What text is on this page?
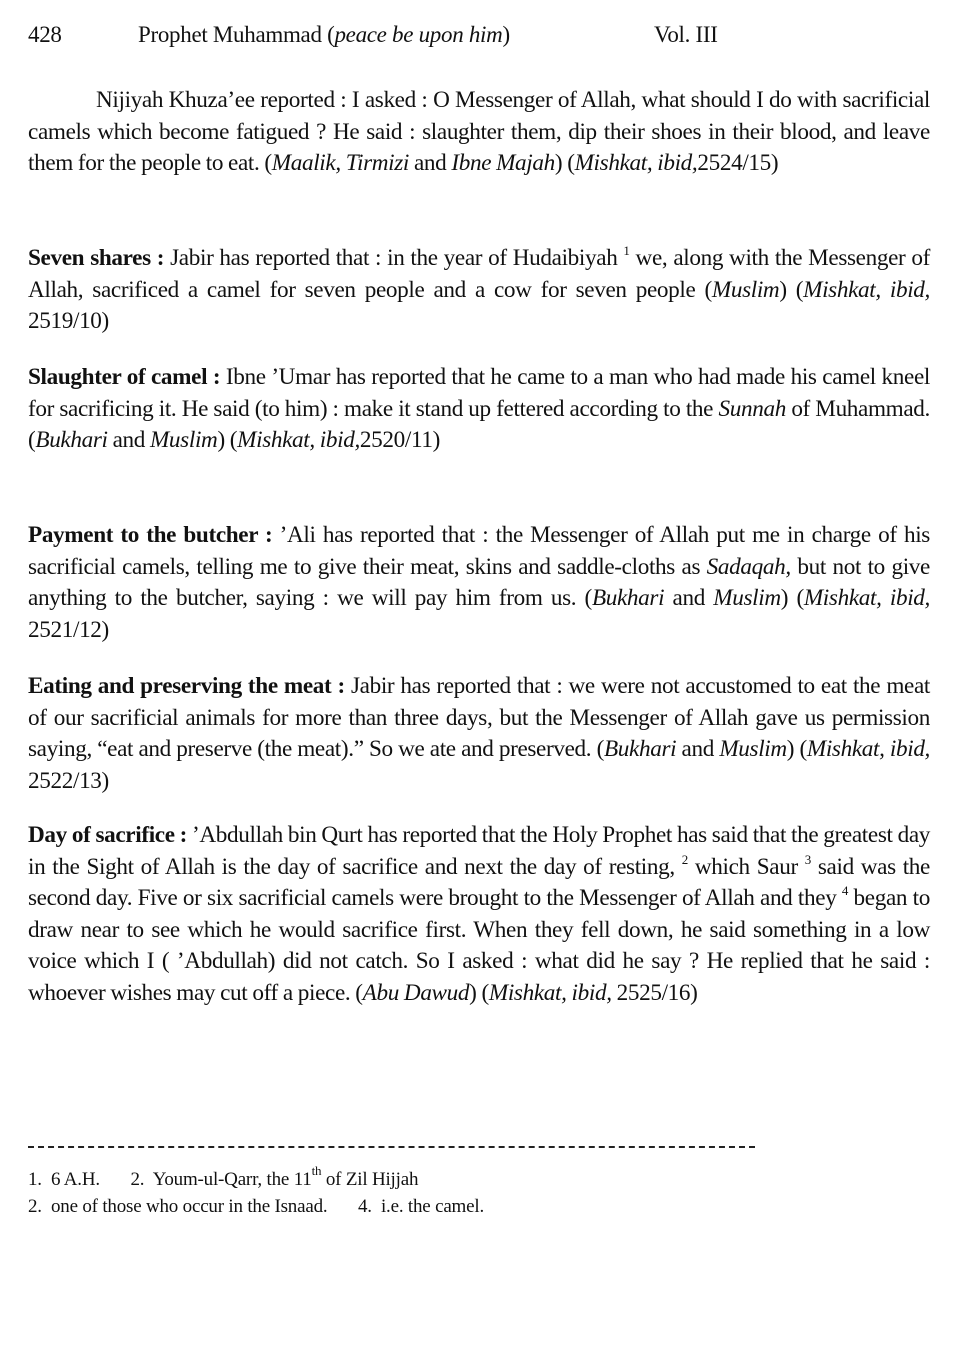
428	Prophet Muhammad (peace be upon him)	Vol. III

Nijiyah Khuza’ee reported : I asked : O Messenger of Allah, what should I do with sacrificial camels which become fatigued ? He said : slaughter them, dip their shoes in their blood, and leave them for the people to eat. (Maalik, Tirmizi and Ibne Majah) (Mishkat, ibid,2524/15)

Seven shares : Jabir has reported that : in the year of Hudaibiyah $^1$ we, along with the Messenger of Allah, sacrificed a camel for seven people and a cow for seven people (Muslim) (Mishkat, ibid, 2519/10)

Slaughter of camel : Ibne ’Umar has reported that he came to a man who had made his camel kneel for sacrificing it. He said (to him) : make it stand up fettered according to the Sunnah of Muhammad. (Bukhari and Muslim) (Mishkat, ibid,2520/11)

Payment to the butcher : ’Ali has reported that : the Messenger of Allah put me in charge of his sacrificial camels, telling me to give their meat, skins and saddle-cloths as Sadaqah, but not to give anything to the butcher, saying : we will pay him from us. (Bukhari and Muslim) (Mishkat, ibid, 2521/12)

Eating and preserving the meat : Jabir has reported that : we were not accustomed to eat the meat of our sacrificial animals for more than three days, but the Messenger of Allah gave us permission saying, “eat and preserve (the meat).” So we ate and preserved. (Bukhari and Muslim) (Mishkat, ibid, 2522/13)

Day of sacrifice : ’Abdullah bin Qurt has reported that the Holy Prophet has said that the greatest day in the Sight of Allah is the day of sacrifice and next the day of resting, $^2$ which Saur $^3$ said was the second day. Five or six sacrificial camels were brought to the Messenger of Allah and they $^4$ began to draw near to see which he would sacrifice first. When they fell down, he said something in a low voice which I ( ’Abdullah) did not catch. So I asked : what did he say ? He replied that he said : whoever wishes may cut off a piece. (Abu Dawud) (Mishkat, ibid, 2525/16)

1. 6 A.H. 2. Youm-ul-Qarr, the 11th of Zil Hijjah
2. one of those who occur in the Isnaad. 4. i.e. the camel.
